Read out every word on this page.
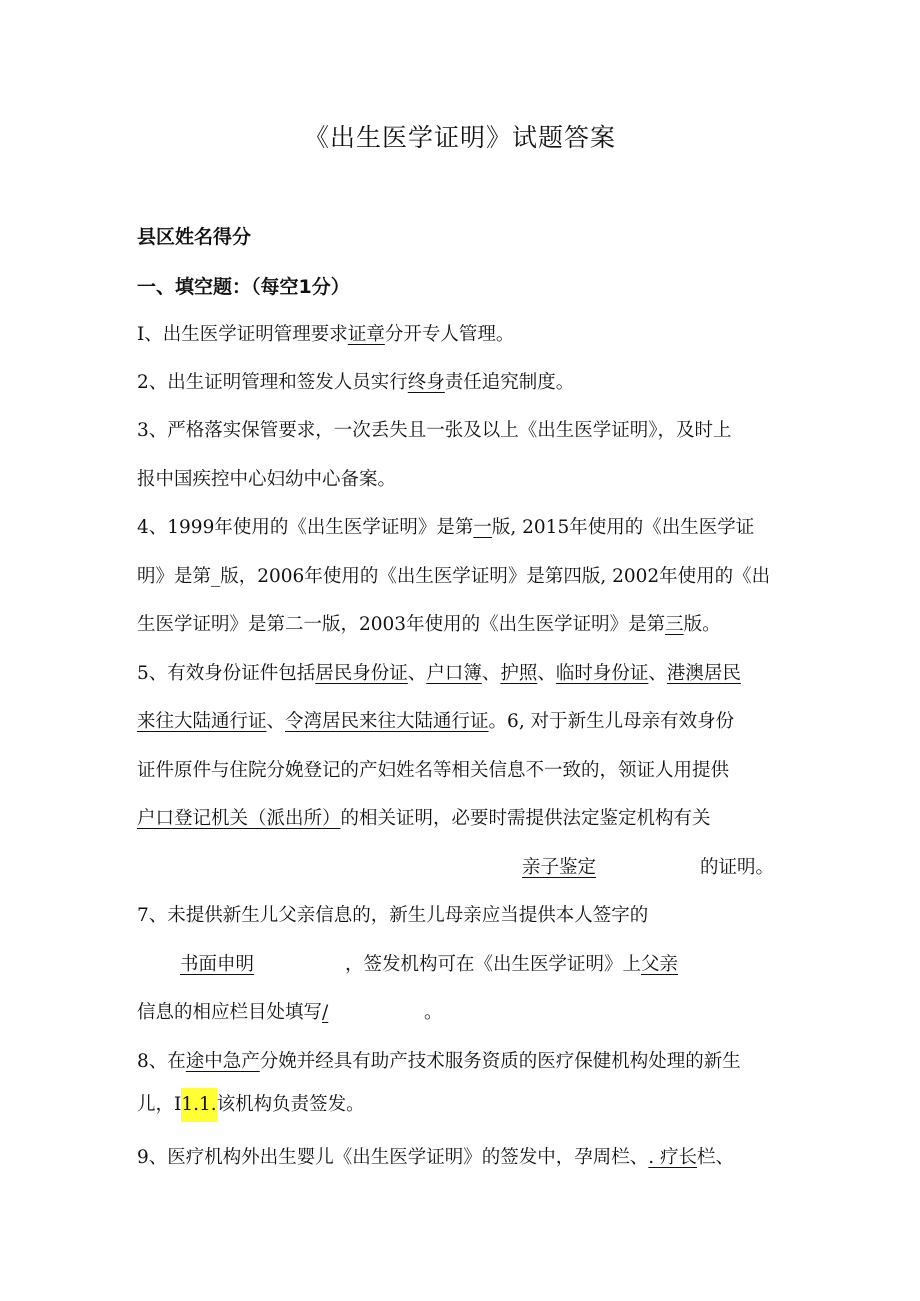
《出生医学证明》试题答案
县区姓名得分
一、填空题：（每空1分）
I、出生医学证明管理要求证章分开专人管理。
2、出生证明管理和签发人员实行终身责任追究制度。
3、严格落实保管要求，一次丢失且一张及以上《出生医学证明》，及时上
报中国疾控中心妇幼中心备案。
4、1999年使用的《出生医学证明》是第一版, 2015年使用的《出生医学证
明》是第_版，2006年使用的《出生医学证明》是第四版, 2002年使用的《出
生医学证明》是第二一版，2003年使用的《出生医学证明》是第三版。
5、有效身份证件包括居民身份证、户口簿、护照、临时身份证、港澳居民
来往大陆通行证、令湾居民来往大陆通行证。6, 对于新生儿母亲有效身份
证件原件与住院分娩登记的产妇姓名等相关信息不一致的，领证人用提供
户口登记机关（派出所）的相关证明，必要时需提供法定鉴定机构有关
亲子鉴定	的证明。
7、未提供新生儿父亲信息的，新生儿母亲应当提供本人签字的
书面申明	，签发机构可在《出生医学证明》上父亲
信息的相应栏目处填写/	。
8、在途中急产分娩并经具有助产技术服务资质的医疗保健机构处理的新生
儿，I1.1.该机构负责签发。
9、医疗机构外出生婴儿《出生医学证明》的签发中，孕周栏、. 疗长栏、
